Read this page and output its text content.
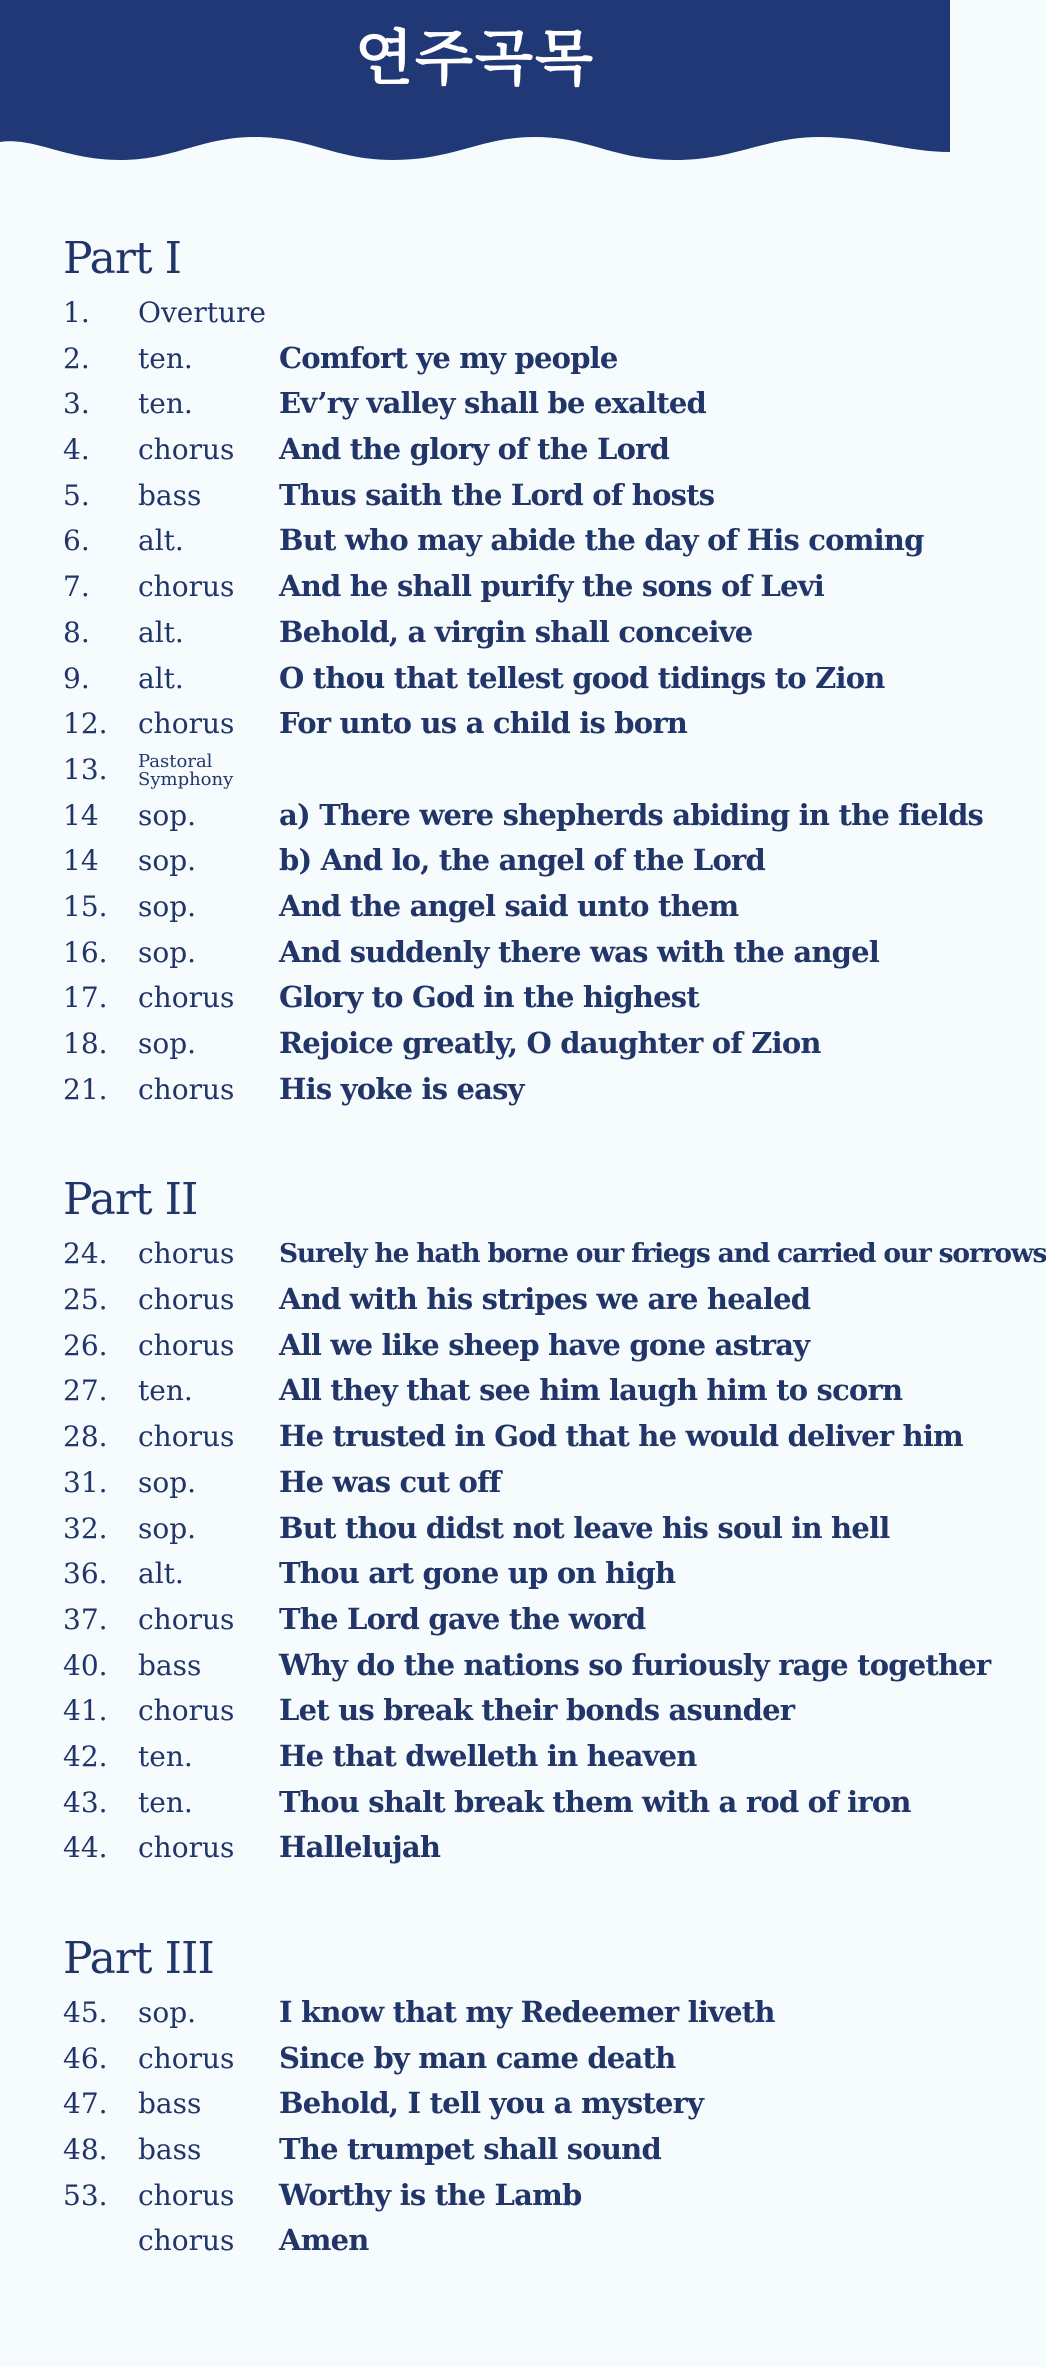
연주곡목
Part I
1. Overture
2. ten.	Comfort ye my people
3. ten.	Ev’ry valley shall be exalted
4. chorus And the glory of the Lord
5. bass	Thus saith the Lord of hosts
6. alt.	But who may abide the day of His coming
7. chorus And he shall purify the sons of Levi
8. alt.	Behold, a virgin shall conceive
9. alt.	O thou that tellest good tidings to Zion
12. chorus For unto us a child is born
13. Pastoral Symphony
14 sop.	a) There were shepherds abiding in the fields
14 sop.	b) And lo, the angel of the Lord
15. sop.	And the angel said unto them
16. sop.	And suddenly there was with the angel
17. chorus Glory to God in the highest
18. sop.	Rejoice greatly, O daughter of Zion
21. chorus His yoke is easy
Part II
24. chorus Surely he hath borne our friegs and carried our sorrows
25. chorus And with his stripes we are healed
26. chorus All we like sheep have gone astray
27. ten.	All they that see him laugh him to scorn
28. chorus He trusted in God that he would deliver him
31. sop.	He was cut off
32. sop.	But thou didst not leave his soul in hell
36. alt.	Thou art gone up on high
37. chorus The Lord gave the word
40. bass	Why do the nations so furiously rage together
41. chorus Let us break their bonds asunder
42. ten.	He that dwelleth in heaven
43. ten.	Thou shalt break them with a rod of iron
44. chorus Hallelujah
Part III
45. sop.	I know that my Redeemer liveth
46. chorus Since by man came death
47. bass	Behold, I tell you a mystery
48. bass	The trumpet shall sound
53. chorus Worthy is the Lamb
chorus Amen
